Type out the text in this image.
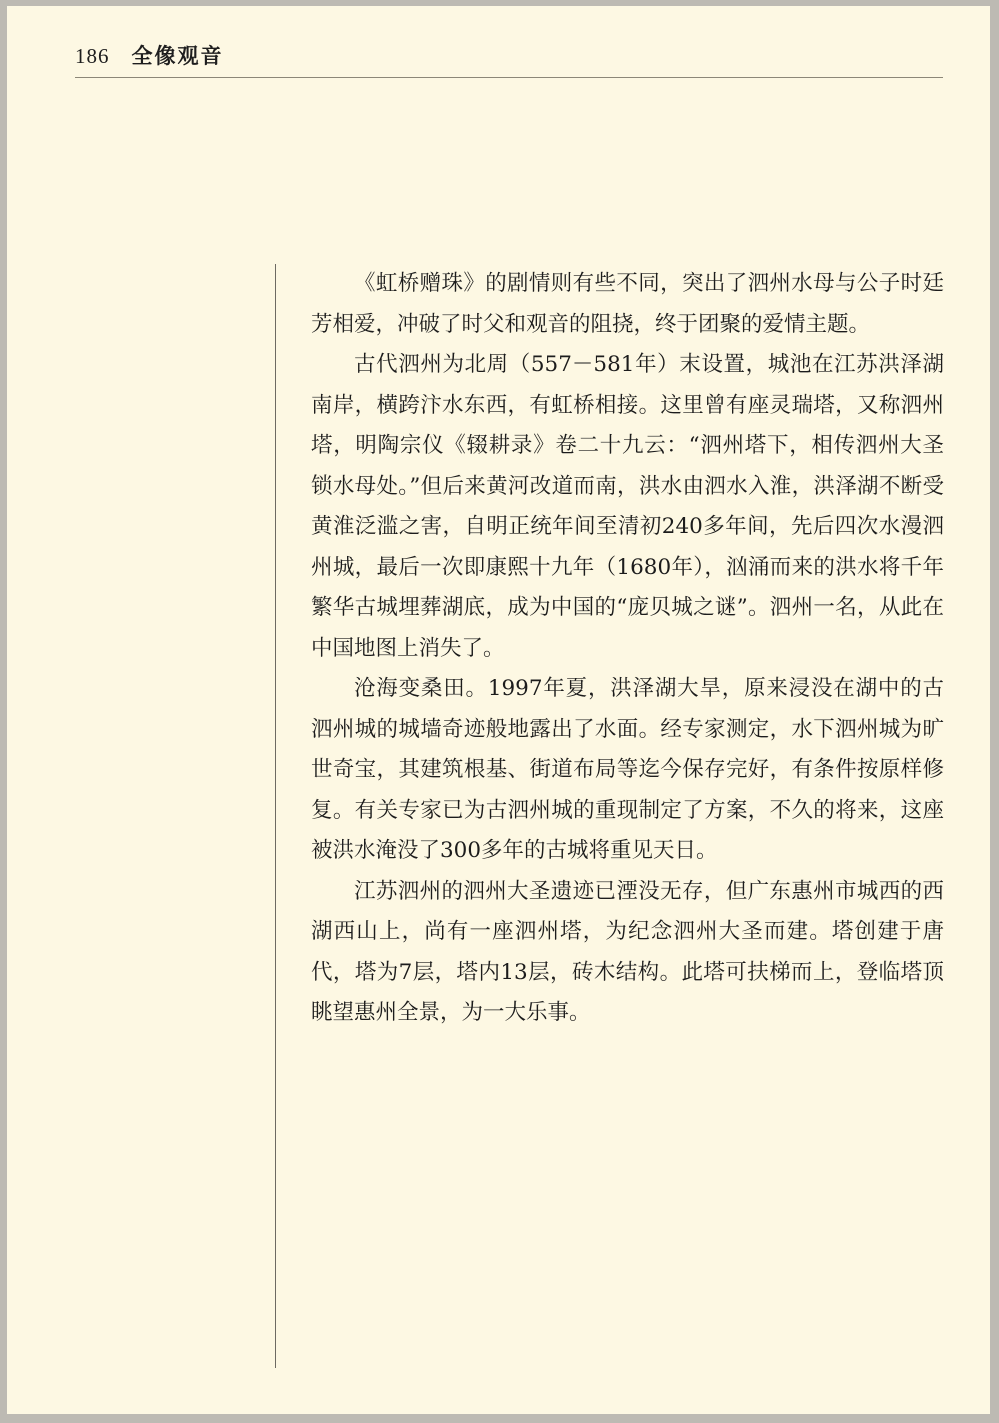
186 全像观音

《虹桥赠珠》的剧情则有些不同，突出了泗州水母与公子时廷芳相爱，冲破了时父和观音的阻挠，终于团聚的爱情主题。

古代泗州为北周（557－581年）末设置，城池在江苏洪泽湖南岸，横跨汴水东西，有虹桥相接。这里曾有座灵瑞塔，又称泗州塔，明陶宗仪《辍耕录》卷二十九云：“泗州塔下，相传泗州大圣锁水母处。”但后来黄河改道而南，洪水由泗水入淮，洪泽湖不断受黄淮泛滥之害，自明正统年间至清初240多年间，先后四次水漫泗州城，最后一次即康熙十九年（1680年），汹涌而来的洪水将千年繁华古城埋葬湖底，成为中国的“庞贝城之谜”。泗州一名，从此在中国地图上消失了。

沧海变桑田。1997年夏，洪泽湖大旱，原来浸没在湖中的古泗州城的城墙奇迹般地露出了水面。经专家测定，水下泗州城为旷世奇宝，其建筑根基、街道布局等迄今保存完好，有条件按原样修复。有关专家已为古泗州城的重现制定了方案，不久的将来，这座被洪水淹没了300多年的古城将重见天日。

江苏泗州的泗州大圣遗迹已湮没无存，但广东惠州市城西的西湖西山上，尚有一座泗州塔，为纪念泗州大圣而建。塔创建于唐代，塔为7层，塔内13层，砖木结构。此塔可扶梯而上，登临塔顶眺望惠州全景，为一大乐事。
